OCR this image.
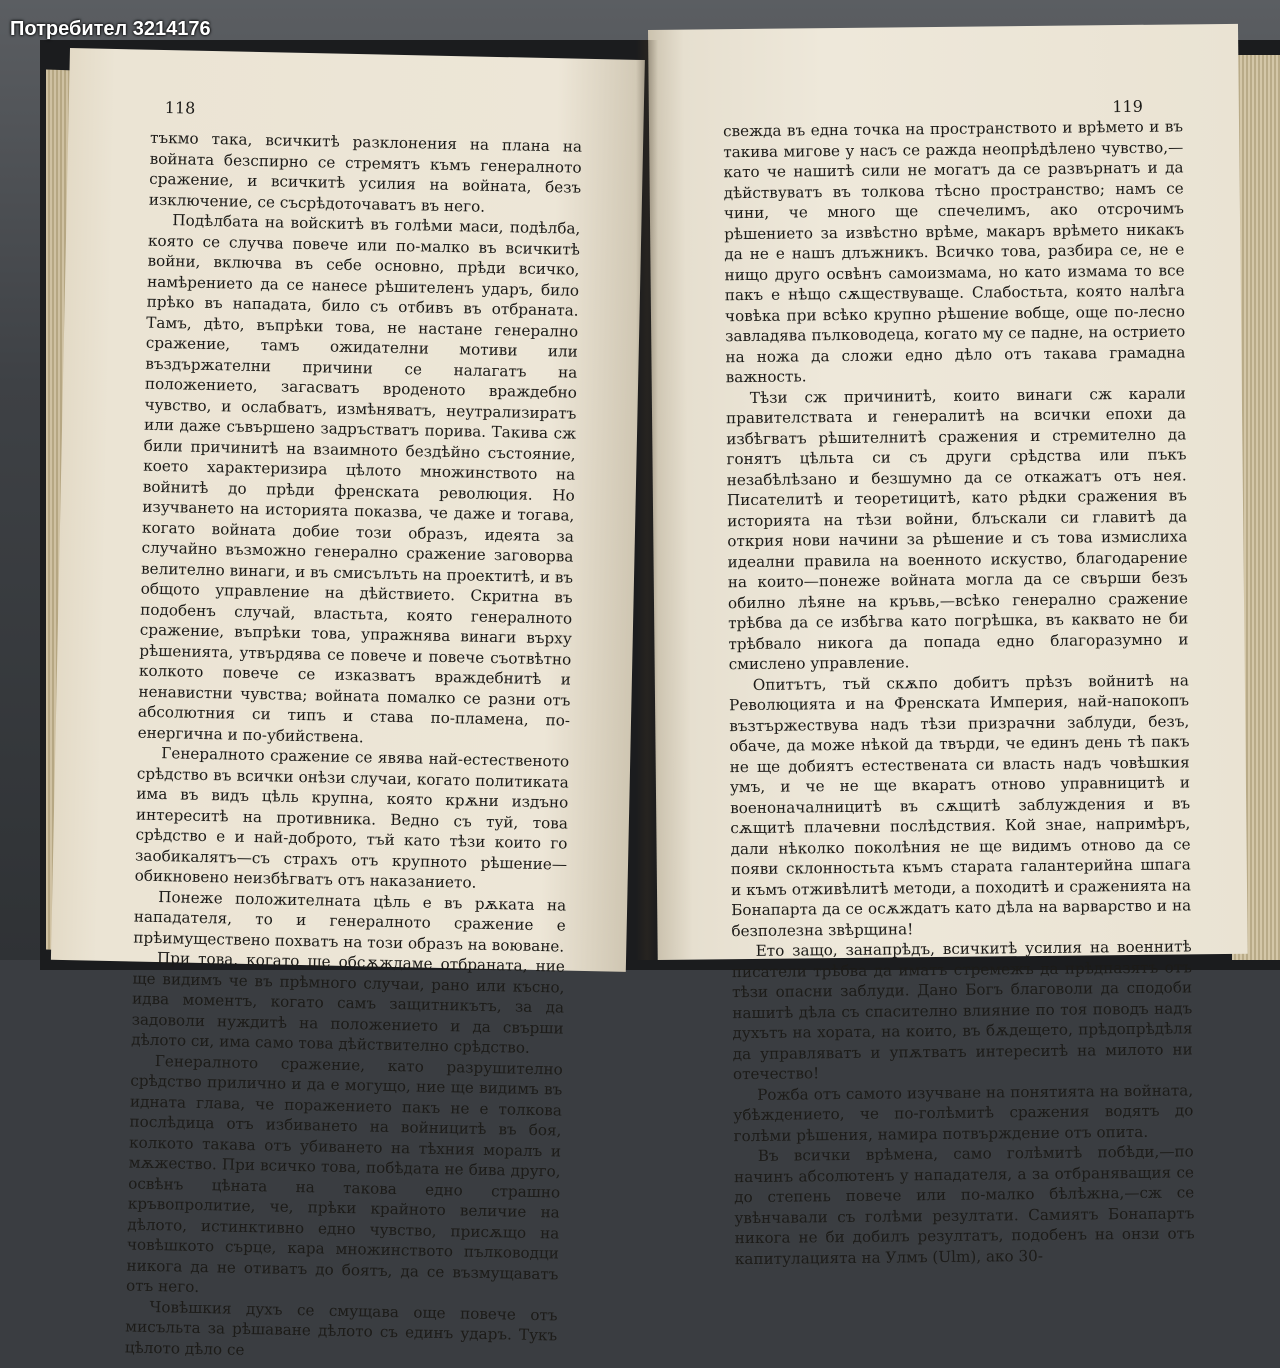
Потребител 3214176
118

тъкмо така, всичкитѣ разклонения на плана на войната безспирно се стремятъ къмъ генералното сражение, и всичкитѣ усилия на войната, безъ изключение, се съсрѣдоточаватъ въ него.

Подѣлбата на войскитѣ въ голѣми маси, подѣлба, която се случва повече или по-малко въ всичкитѣ войни, включва въ себе основно, прѣди всичко, намѣрението да се нанесе рѣшителенъ ударъ, било прѣко въ нападата, било съ отбивъ въ отбраната. Тамъ, дѣто, въпрѣки това, не настане генерално сражение, тамъ ожидателни мотиви или въздържателни причини се налагатъ на положението, загасватъ вроденото враждебно чувство, и ослабватъ, измѣняватъ, неутрализиратъ или даже съвършено задръстватъ порива. Такива сж били причинитѣ на взаимното бездѣйно състояние, което характеризира цѣлото множинството на войнитѣ до прѣди френската революция. Но изучването на историята показва, че даже и тогава, когато войната добие този образъ, идеята за случайно възможно генерално сражение заговорва велително винаги, и въ смисълъть на проектитѣ, и въ общото управление на дѣйствието. Скритна въ подобенъ случай, властьта, която генералното сражение, въпрѣки това, упражнява винаги върху рѣшенията, утвърдява се повече и повече съотвѣтно колкото повече се изказватъ враждебнитѣ и ненавистни чувства; войната помалко се разни отъ абсолютния си типъ и става по-пламена, по-енергична и по-убийствена.

Генералното сражение се явява най-естественото срѣдство въ всички онѣзи случаи, когато политиката има въ видъ цѣль крупна, която крѫни издъно интереситѣ на противника. Ведно съ туй, това срѣдство е и най-доброто, тъй като тѣзи които го заобикалятъ—съ страхъ отъ крупното рѣшение—обикновено неизбѣгватъ отъ наказанието.

Понеже положителната цѣль е въ рѫката на нападателя, то и генералното сражение е прѣимуществено похватъ на този образъ на воюване.

При това, когато ще обсѫждаме отбраната, ние ще видимъ че въ прѣмного случаи, рано или късно, идва моментъ, когато самъ защитникътъ, за да задоволи нуждитѣ на положението и да свърши дѣлото си, има само това дѣйствително срѣдство.

Генералното сражение, като разрушително срѣдство прилично и да е могущо, ние ще видимъ въ идната глава, че поражението пакъ не е толкова послѣдица отъ избиването на войницитѣ въ боя, колкото такава отъ убиването на тѣхния моралъ и мѫжество. При всичко това, побѣдата не бива друго, освѣнъ цѣната на такова едно страшно кръвопролитие, че, прѣки крайното величие на дѣлото, истинктивно едно чувство, присѫщо на човѣшкото сърце, кара множинството пълководци никога да не отиватъ до боятъ, да се възмущаватъ отъ него.

Човѣшкия духъ се смущава още повече отъ мисъльта за рѣшаване дѣлото съ единъ ударъ. Тукъ цѣлото дѣло се

119

свежда въ една точка на пространството и врѣмето и въ такива мигове у насъ се ражда неопрѣдѣлено чувство,—като че нашитѣ сили не могатъ да се развърнатъ и да дѣйствуватъ въ толкова тѣсно пространство; намъ се чини, че много ще спечелимъ, ако отсрочимъ рѣшението за извѣстно врѣме, макаръ врѣмето никакъ да не е нашъ длъжникъ. Всичко това, разбира се, не е нищо друго освѣнъ самоизмама, но като измама то все пакъ е нѣщо сѫществуваще. Слабостьта, която налѣга човѣка при всѣко крупно рѣшение вобще, още по-лесно завладява пълководеца, когато му се падне, на остриeто на ножа да сложи едно дѣло отъ такава грамадна важность.

Тѣзи сж причинитѣ, които винаги сж карали правителствата и генералитѣ на всички епохи да избѣгватъ рѣшителнитѣ сражения и стремително да гонятъ цѣльта си съ други срѣдства или пъкъ незабѣлѣзано и безшумно да се откажатъ отъ нея. Писателитѣ и теоретицитѣ, като рѣдки сражения въ историята на тѣзи войни, блъскали си главитѣ да открия нови начини за рѣшение и съ това измислиха идеални правила на военното искуство, благодарение на които—понеже войната могла да се свърши безъ обилно лѣяне на кръвь,—всѣко генерално сражение трѣбва да се избѣгва като погрѣшка, въ каквато не би трѣбвало никога да попада едно благоразумно и смислено управление.

Опитътъ, тъй скѫпо добитъ прѣзъ войнитѣ на Революцията и на Френската Империя, най-напокопъ възтържествува надъ тѣзи призрачни заблуди, безъ, обаче, да може нѣкой да твърди, че единъ день тѣ пакъ не ще добиятъ естествената си власть надъ човѣшкия умъ, и че не ще вкаратъ отново управницитѣ и военоначалницитѣ въ сѫщитѣ заблуждения и въ сѫщитѣ плачевни послѣдствия. Кой знае, напримѣръ, дали нѣколко поколѣния не ще видимъ отново да се появи склонностьта къмъ старата галантерийна шпага и къмъ отживѣлитѣ методи, а походитѣ и сраженията на Бонапарта да се осѫждатъ като дѣла на варварство и на безполезна звѣрщина!

Ето защо, занапрѣдъ, всичкитѣ усилия на военнитѣ писатели трѣбва да иматъ стремежъ да прѣдпазятъ отъ тѣзи опасни заблуди. Дано Богъ благоволи да сподоби нашитѣ дѣла съ спасително влияние по тоя поводъ надъ духътъ на хората, на които, въ бѫдещето, прѣдопрѣдѣля да управляватъ и упѫтватъ интереситѣ на милото ни отечество!

Рожба отъ самото изучване на понятията на войната, убѣждението, че по-голѣмитѣ сражения водятъ до голѣми рѣшения, намира потвърждение отъ опита.

Въ всички врѣмена, само голѣмитѣ побѣди,—по начинъ абсолютенъ у нападателя, а за отбраняващия се до степень повече или по-малко бѣлѣжна,—сж се увѣнчавали съ голѣми резултати. Самиятъ Бонапартъ никога не би добилъ резултатъ, подобенъ на онзи отъ капитулацията на Улмъ (Ulm), ако 30-
